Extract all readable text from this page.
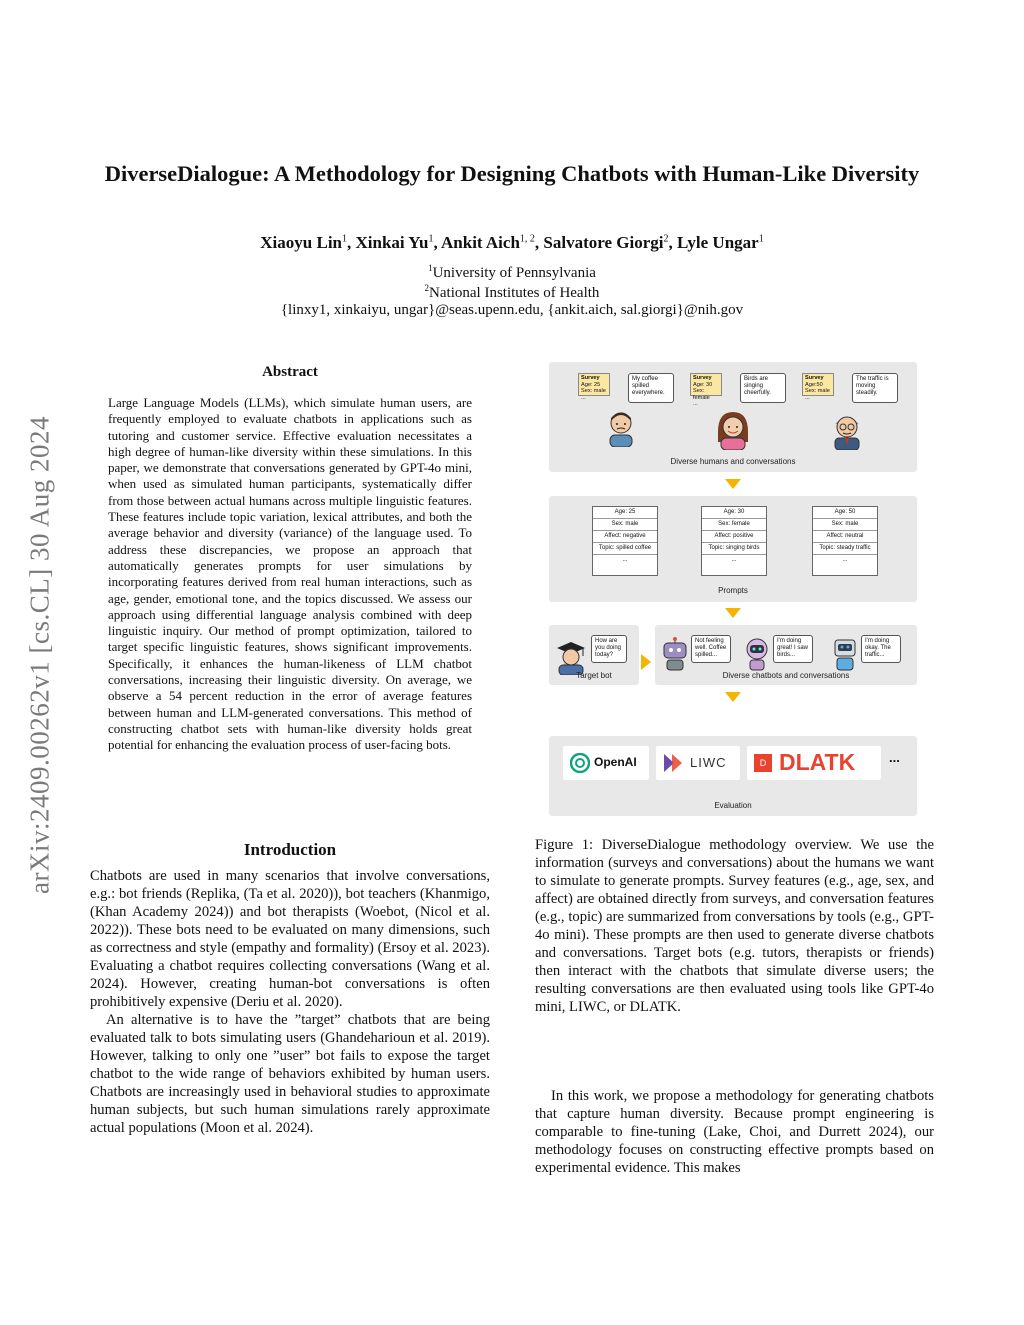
arXiv:2409.00262v1 [cs.CL] 30 Aug 2024
DiverseDialogue: A Methodology for Designing Chatbots with Human-Like Diversity
Xiaoyu Lin$^1$, Xinkai Yu$^1$, Ankit Aich$^{1, 2}$, Salvatore Giorgi$^2$, Lyle Ungar$^1$
$^1$University of Pennsylvania
$^2$National Institutes of Health
{linxy1, xinkaiyu, ungar}@seas.upenn.edu, {ankit.aich, sal.giorgi}@nih.gov
Abstract
Large Language Models (LLMs), which simulate human users, are frequently employed to evaluate chatbots in applications such as tutoring and customer service. Effective evaluation necessitates a high degree of human-like diversity within these simulations. In this paper, we demonstrate that conversations generated by GPT-4o mini, when used as simulated human participants, systematically differ from those between actual humans across multiple linguistic features. These features include topic variation, lexical attributes, and both the average behavior and diversity (variance) of the language used. To address these discrepancies, we propose an approach that automatically generates prompts for user simulations by incorporating features derived from real human interactions, such as age, gender, emotional tone, and the topics discussed. We assess our approach using differential language analysis combined with deep linguistic inquiry. Our method of prompt optimization, tailored to target specific linguistic features, shows significant improvements. Specifically, it enhances the human-likeness of LLM chatbot conversations, increasing their linguistic diversity. On average, we observe a 54 percent reduction in the error of average features between human and LLM-generated conversations. This method of constructing chatbot sets with human-like diversity holds great potential for enhancing the evaluation process of user-facing bots.
Introduction

Chatbots are used in many scenarios that involve conversations, e.g.: bot friends (Replika, (Ta et al. 2020)), bot teachers (Khanmigo, (Khan Academy 2024)) and bot therapists (Woebot, (Nicol et al. 2022)). These bots need to be evaluated on many dimensions, such as correctness and style (empathy and formality) (Ersoy et al. 2023). Evaluating a chatbot requires collecting conversations (Wang et al. 2024). However, creating human-bot conversations is often prohibitively expensive (Deriu et al. 2020).

An alternative is to have the ”target” chatbots that are being evaluated talk to bots simulating users (Ghandeharioun et al. 2019). However, talking to only one ”user” bot fails to expose the target chatbot to the wide range of behaviors exhibited by human users. Chatbots are increasingly used in behavioral studies to approximate human subjects, but such human simulations rarely approximate actual populations (Moon et al. 2024).

Survey
Age: 25
Sex: male
...
My coffee spilled everywhere.
Survey
Age: 30
Sex: female
...
Birds are singing cheerfully.
Survey
Age:50
Sex: male
...
The traffic is moving steadily.
Diverse humans and conversations
Age: 25
Sex: male
Affect: negative
Topic: spilled coffee
...
Age: 30
Sex: female
Affect: positive
Topic: singing birds
...
Age: 50
Sex: male
Affect: neutral
Topic: steady traffic
...
Prompts
How are you doing today?
Target bot
Not feeling well. Coffee spilled...
I'm doing great! I saw birds...
I'm doing okay. The traffic...
Diverse chatbots and conversations
OpenAI	LIWC	D DLATK	...
Evaluation
Figure 1: DiverseDialogue methodology overview. We use the information (surveys and conversations) about the humans we want to simulate to generate prompts. Survey features (e.g., age, sex, and affect) are obtained directly from surveys, and conversation features (e.g., topic) are summarized from conversations by tools (e.g., GPT-4o mini). These prompts are then used to generate diverse chatbots and conversations. Target bots (e.g. tutors, therapists or friends) then interact with the chatbots that simulate diverse users; the resulting conversations are then evaluated using tools like GPT-4o mini, LIWC, or DLATK.

In this work, we propose a methodology for generating chatbots that capture human diversity. Because prompt engineering is comparable to fine-tuning (Lake, Choi, and Durrett 2024), our methodology focuses on constructing effective prompts based on experimental evidence. This makes
